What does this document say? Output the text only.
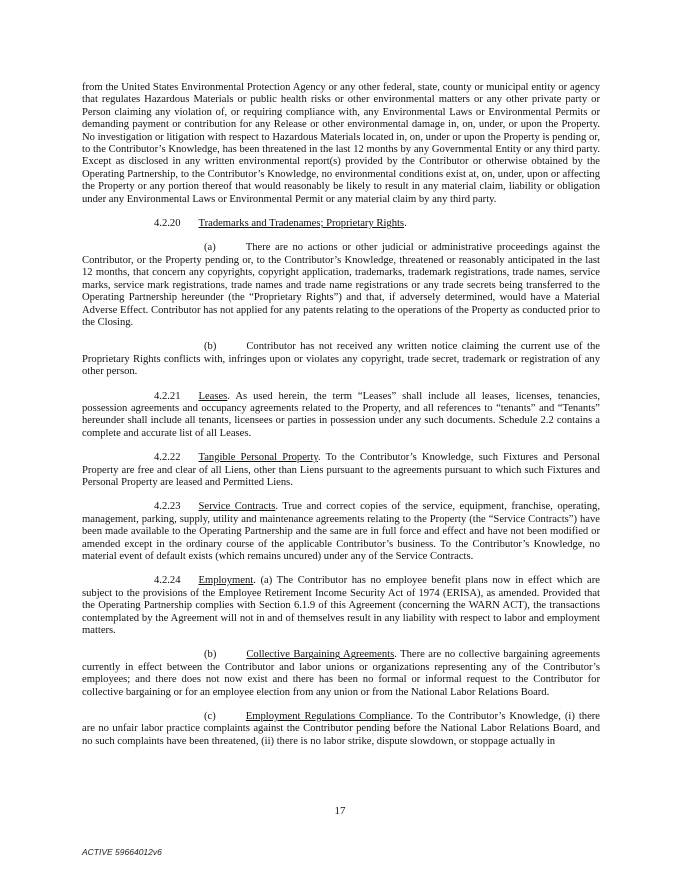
from the United States Environmental Protection Agency or any other federal, state, county or municipal entity or agency that regulates Hazardous Materials or public health risks or other environmental matters or any other private party or Person claiming any violation of, or requiring compliance with, any Environmental Laws or Environmental Permits or demanding payment or contribution for any Release or other environmental damage in, on, under, or upon the Property. No investigation or litigation with respect to Hazardous Materials located in, on, under or upon the Property is pending or, to the Contributor’s Knowledge, has been threatened in the last 12 months by any Governmental Entity or any third party. Except as disclosed in any written environmental report(s) provided by the Contributor or otherwise obtained by the Operating Partnership, to the Contributor’s Knowledge, no environmental conditions exist at, on, under, upon or affecting the Property or any portion thereof that would reasonably be likely to result in any material claim, liability or obligation under any Environmental Laws or Environmental Permit or any material claim by any third party.

4.2.20 Trademarks and Tradenames; Proprietary Rights.

(a)	There are no actions or other judicial or administrative proceedings against the Contributor, or the Property pending or, to the Contributor’s Knowledge, threatened or reasonably anticipated in the last 12 months, that concern any copyrights, copyright application, trademarks, trademark registrations, trade names, service marks, service mark registrations, trade names and trade name registrations or any trade secrets being transferred to the Operating Partnership hereunder (the “Proprietary Rights”) and that, if adversely determined, would have a Material Adverse Effect. Contributor has not applied for any patents relating to the operations of the Property as conducted prior to the Closing.

(b)	Contributor has not received any written notice claiming the current use of the Proprietary Rights conflicts with, infringes upon or violates any copyright, trade secret, trademark or registration of any other person.

4.2.21 Leases. As used herein, the term “Leases” shall include all leases, licenses, tenancies, possession agreements and occupancy agreements related to the Property, and all references to “tenants” and “Tenants” hereunder shall include all tenants, licensees or parties in possession under any such documents. Schedule 2.2 contains a complete and accurate list of all Leases.

4.2.22 Tangible Personal Property. To the Contributor’s Knowledge, such Fixtures and Personal Property are free and clear of all Liens, other than Liens pursuant to the agreements pursuant to which such Fixtures and Personal Property are leased and Permitted Liens.

4.2.23 Service Contracts. True and correct copies of the service, equipment, franchise, operating, management, parking, supply, utility and maintenance agreements relating to the Property (the “Service Contracts”) have been made available to the Operating Partnership and the same are in full force and effect and have not been modified or amended except in the ordinary course of the applicable Contributor’s business. To the Contributor’s Knowledge, no material event of default exists (which remains uncured) under any of the Service Contracts.

4.2.24 Employment. (a) The Contributor has no employee benefit plans now in effect which are subject to the provisions of the Employee Retirement Income Security Act of 1974 (ERISA), as amended. Provided that the Operating Partnership complies with Section 6.1.9 of this Agreement (concerning the WARN ACT), the transactions contemplated by the Agreement will not in and of themselves result in any liability with respect to labor and employment matters.

(b)	Collective Bargaining Agreements. There are no collective bargaining agreements currently in effect between the Contributor and labor unions or organizations representing any of the Contributor’s employees; and there does not now exist and there has been no formal or informal request to the Contributor for collective bargaining or for an employee election from any union or from the National Labor Relations Board.

(c)	Employment Regulations Compliance. To the Contributor’s Knowledge, (i) there are no unfair labor practice complaints against the Contributor pending before the National Labor Relations Board, and no such complaints have been threatened, (ii) there is no labor strike, dispute slowdown, or stoppage actually in

17
ACTIVE 59664012v6
